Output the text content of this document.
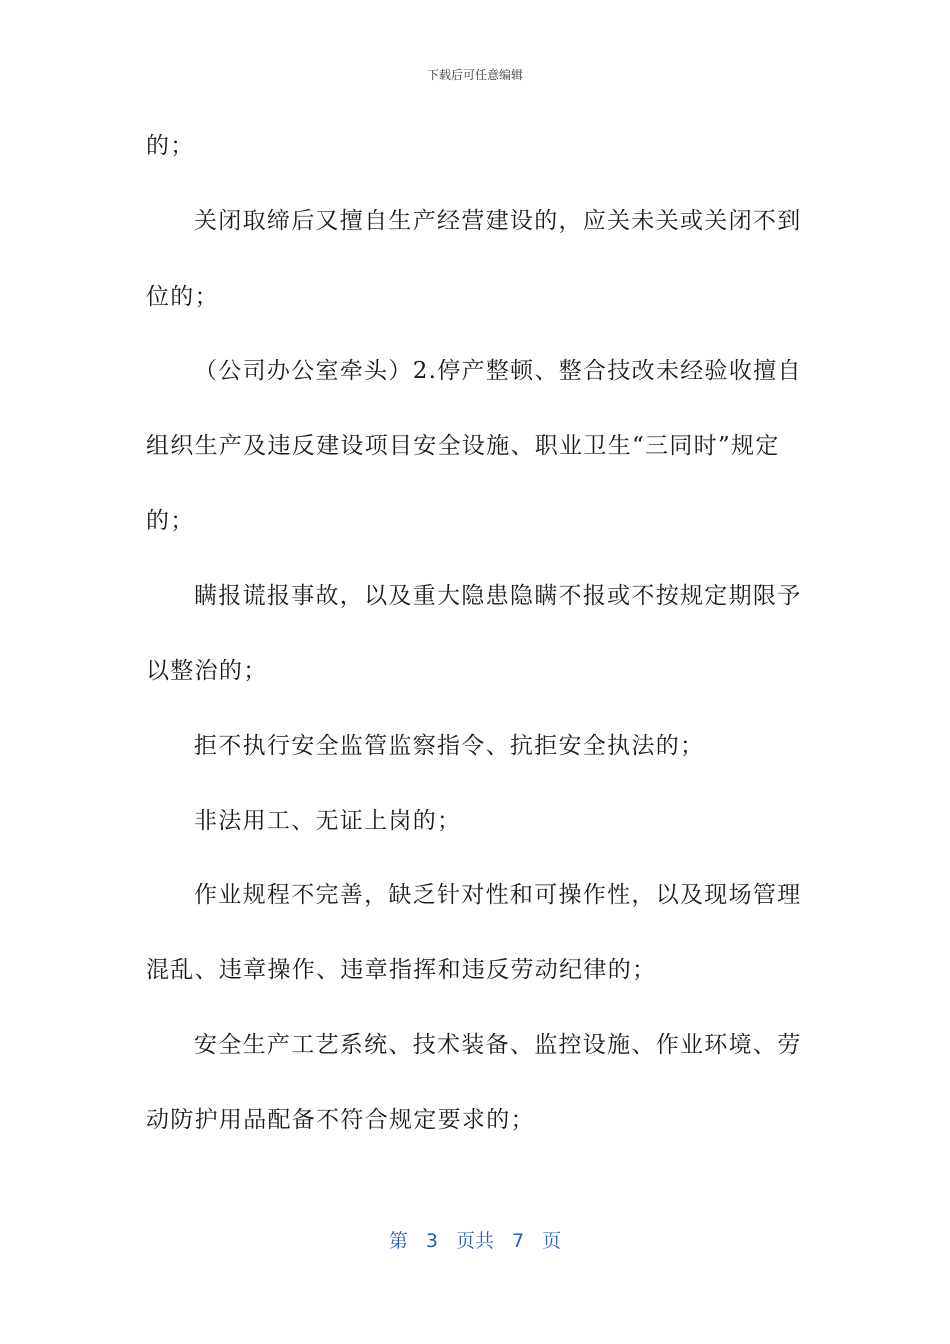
下载后可任意编辑
的；
关闭取缔后又擅自生产经营建设的，应关未关或关闭不到
位的；
（公司办公室牵头）2.停产整顿、整合技改未经验收擅自
组织生产及违反建设项目安全设施、职业卫生“三同时”规定
的；
瞒报谎报事故，以及重大隐患隐瞒不报或不按规定期限予
以整治的；
拒不执行安全监管监察指令、抗拒安全执法的；
非法用工、无证上岗的；
作业规程不完善，缺乏针对性和可操作性，以及现场管理
混乱、违章操作、违章指挥和违反劳动纪律的；
安全生产工艺系统、技术装备、监控设施、作业环境、劳
动防护用品配备不符合规定要求的；
第 3 页共 7 页
